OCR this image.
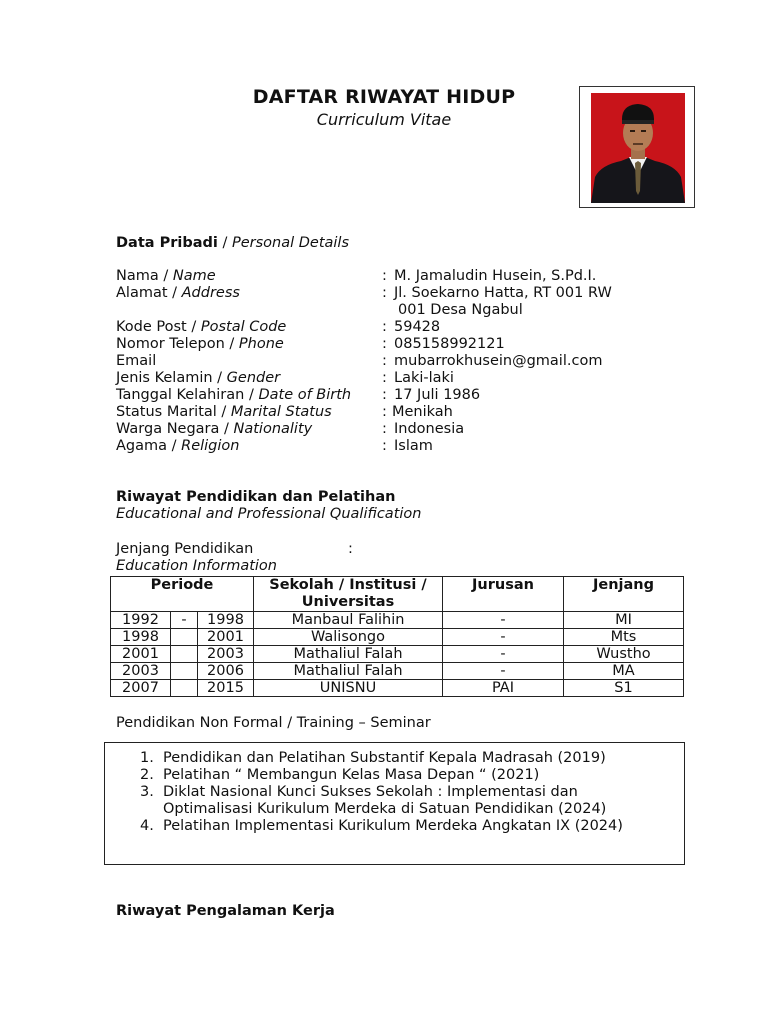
DAFTAR RIWAYAT HIDUP
Curriculum Vitae
Data Pribadi / Personal Details
Nama / Name	: M. Jamaludin Husein, S.Pd.I.
Alamat / Address	: Jl. Soekarno Hatta, RT 001 RW
001 Desa Ngabul
Kode Post / Postal Code	: 59428
Nomor Telepon / Phone	: 085158992121
Email	: mubarrokhusein@gmail.com
Jenis Kelamin / Gender	: Laki-laki
Tanggal Kelahiran / Date of Birth : 17 Juli 1986
Status Marital / Marital Status	: Menikah
Warga Negara / Nationality	: Indonesia
Agama / Religion	: Islam
Riwayat Pendidikan dan Pelatihan
Educational and Professional Qualification
Jenjang Pendidikan	:
Education Information
Periode			Sekolah / Institusi / Universitas	Jurusan	Jenjang
1992	-	1998	Manbaul Falihin	-	MI
1998		2001	Walisongo	-	Mts
2001		2003	Mathaliul Falah	-	Wustho
2003		2006	Mathaliul Falah	-	MA
2007		2015	UNISNU	PAI	S1
Pendidikan Non Formal / Training – Seminar
1. Pendidikan dan Pelatihan Substantif Kepala Madrasah (2019)
2. Pelatihan “ Membangun Kelas Masa Depan “ (2021)
3. Diklat Nasional Kunci Sukses Sekolah : Implementasi dan Optimalisasi Kurikulum Merdeka di Satuan Pendidikan (2024)
4. Pelatihan Implementasi Kurikulum Merdeka Angkatan IX (2024)
Riwayat Pengalaman Kerja
